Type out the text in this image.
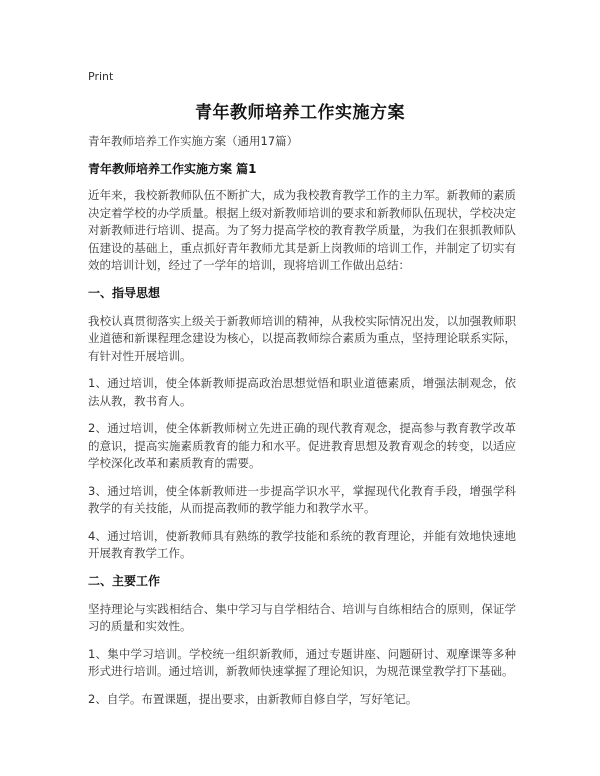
Print
青年教师培养工作实施方案
青年教师培养工作实施方案（通用17篇）
青年教师培养工作实施方案 篇1
近年来，我校新教师队伍不断扩大，成为我校教育教学工作的主力军。新教师的素质决定着学校的办学质量。根据上级对新教师培训的要求和新教师队伍现状，学校决定对新教师进行培训、提高。为了努力提高学校的教育教学质量，为我们在狠抓教师队伍建设的基础上，重点抓好青年教师尤其是新上岗教师的培训工作，并制定了切实有效的培训计划，经过了一学年的培训，现将培训工作做出总结：
一、指导思想
我校认真贯彻落实上级关于新教师培训的精神，从我校实际情况出发，以加强教师职业道德和新课程理念建设为核心，以提高教师综合素质为重点，坚持理论联系实际，有针对性开展培训。
1、通过培训，使全体新教师提高政治思想觉悟和职业道德素质，增强法制观念，依法从教，教书育人。
2、通过培训，使全体新教师树立先进正确的现代教育观念，提高参与教育教学改革的意识，提高实施素质教育的能力和水平。促进教育思想及教育观念的转变，以适应学校深化改革和素质教育的需要。
3、通过培训，使全体新教师进一步提高学识水平，掌握现代化教育手段，增强学科教学的有关技能，从而提高教师的教学能力和教学水平。
4、通过培训，使新教师具有熟练的教学技能和系统的教育理论，并能有效地快速地开展教育教学工作。
二、主要工作
坚持理论与实践相结合、集中学习与自学相结合、培训与自练相结合的原则，保证学习的质量和实效性。
1、集中学习培训。学校统一组织新教师，通过专题讲座、问题研讨、观摩课等多种形式进行培训。通过培训，新教师快速掌握了理论知识，为规范课堂教学打下基础。
2、自学。布置课题，提出要求，由新教师自修自学，写好笔记。
